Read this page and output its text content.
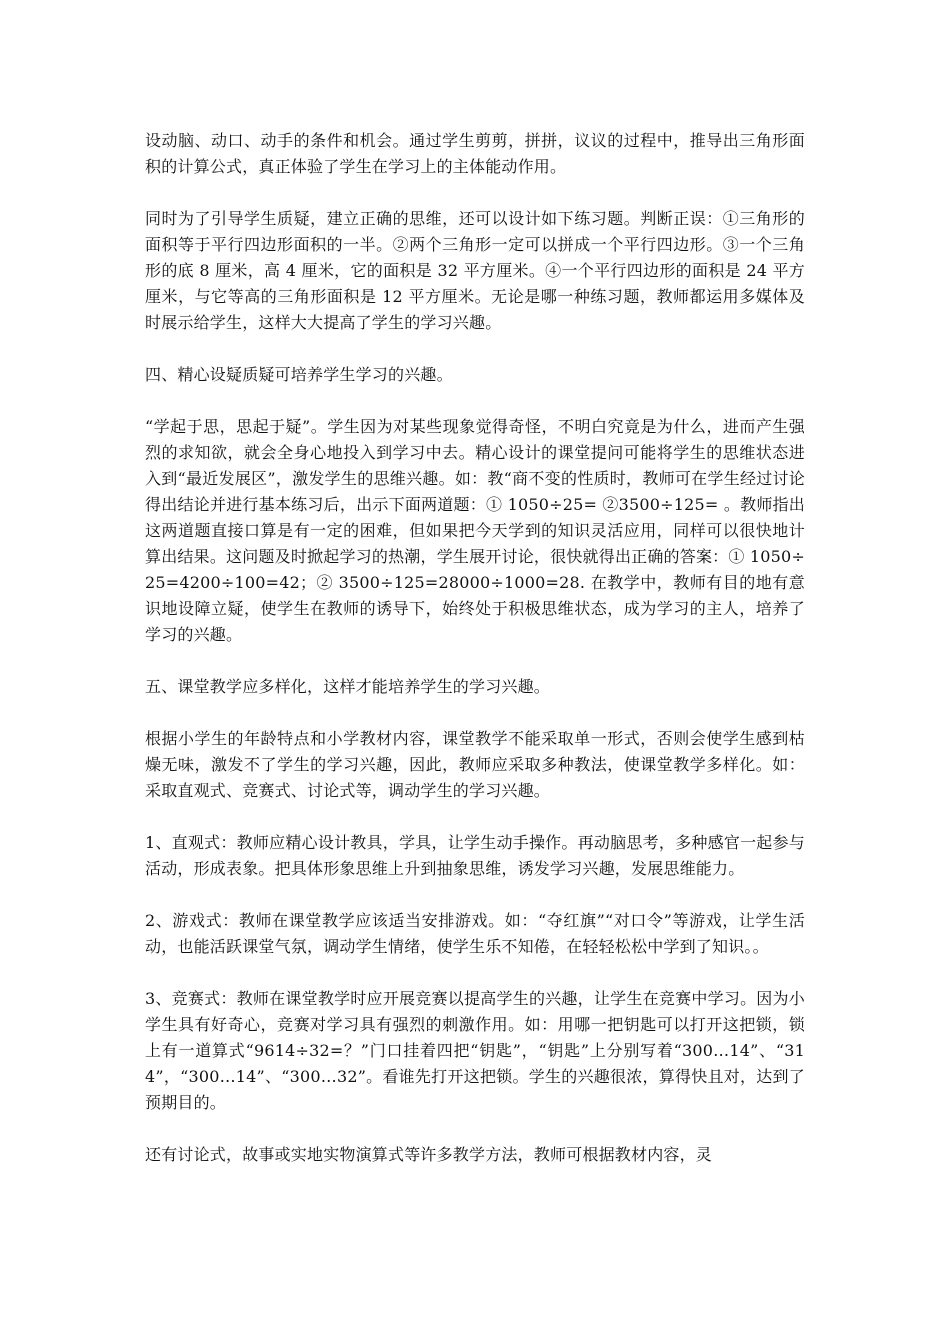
设动脑、动口、动手的条件和机会。通过学生剪剪，拼拼，议议的过程中，推导出三角形面积的计算公式，真正体验了学生在学习上的主体能动作用。

同时为了引导学生质疑，建立正确的思维，还可以设计如下练习题。判断正误：①三角形的面积等于平行四边形面积的一半。②两个三角形一定可以拼成一个平行四边形。③一个三角形的底 8 厘米，高 4 厘米，它的面积是 32 平方厘米。④一个平行四边形的面积是 24 平方厘米，与它等高的三角形面积是 12 平方厘米。无论是哪一种练习题，教师都运用多媒体及时展示给学生，这样大大提高了学生的学习兴趣。

四、精心设疑质疑可培养学生学习的兴趣。

“学起于思，思起于疑”。学生因为对某些现象觉得奇怪，不明白究竟是为什么，进而产生强烈的求知欲，就会全身心地投入到学习中去。精心设计的课堂提问可能将学生的思维状态进入到“最近发展区”，激发学生的思维兴趣。如：教“商不变的性质时，教师可在学生经过讨论得出结论并进行基本练习后，出示下面两道题：① 1050÷25= ②3500÷125= 。教师指出这两道题直接口算是有一定的困难，但如果把今天学到的知识灵活应用，同样可以很快地计算出结果。这问题及时掀起学习的热潮，学生展开讨论，很快就得出正确的答案：① 1050÷25=4200÷100=42；② 3500÷125=28000÷1000=28. 在教学中，教师有目的地有意识地设障立疑，使学生在教师的诱导下，始终处于积极思维状态，成为学习的主人，培养了学习的兴趣。

五、课堂教学应多样化，这样才能培养学生的学习兴趣。

根据小学生的年龄特点和小学教材内容，课堂教学不能采取单一形式，否则会使学生感到枯燥无味，激发不了学生的学习兴趣，因此，教师应采取多种教法，使课堂教学多样化。如：采取直观式、竞赛式、讨论式等，调动学生的学习兴趣。

1、直观式：教师应精心设计教具，学具，让学生动手操作。再动脑思考，多种感官一起参与活动，形成表象。把具体形象思维上升到抽象思维，诱发学习兴趣，发展思维能力。

2、游戏式：教师在课堂教学应该适当安排游戏。如：“夺红旗”“对口令”等游戏，让学生活动，也能活跃课堂气氛，调动学生情绪，使学生乐不知倦，在轻轻松松中学到了知识。。

3、竞赛式：教师在课堂教学时应开展竞赛以提高学生的兴趣，让学生在竞赛中学习。因为小学生具有好奇心，竞赛对学习具有强烈的刺激作用。如：用哪一把钥匙可以打开这把锁，锁上有一道算式“9614÷32=？”门口挂着四把“钥匙”，“钥匙”上分别写着“300…14”、“314”，“300…14”、“300…32”。看谁先打开这把锁。学生的兴趣很浓，算得快且对，达到了预期目的。

还有讨论式，故事或实地实物演算式等许多教学方法，教师可根据教材内容，灵
